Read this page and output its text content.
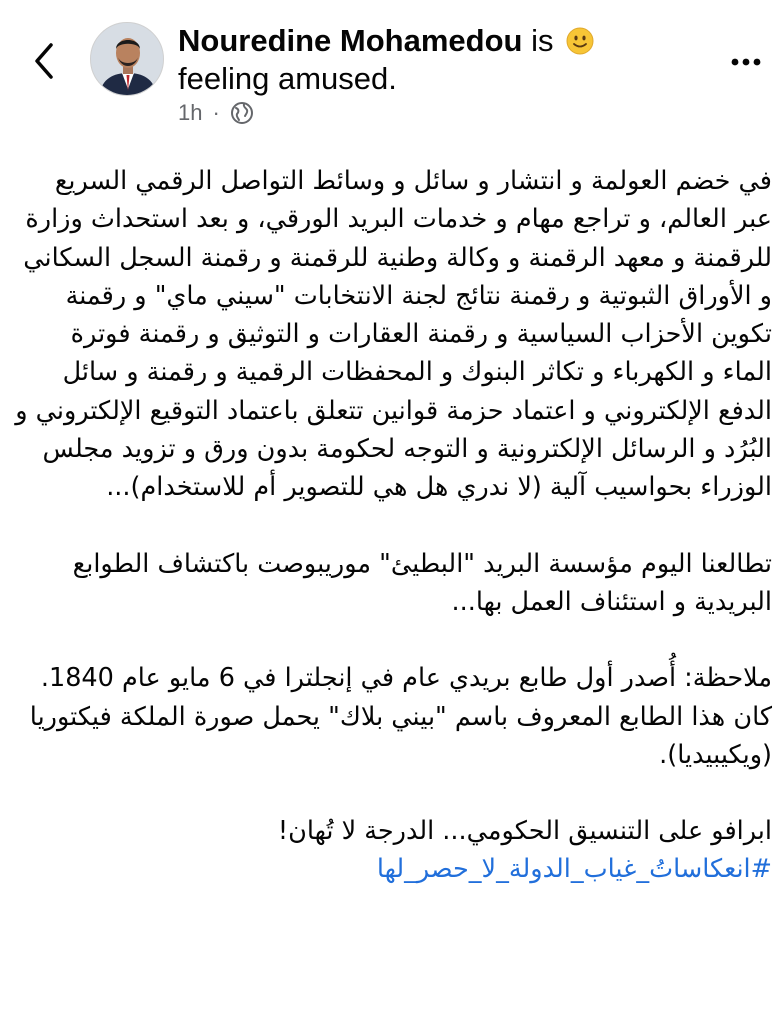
Nouredine Mohamedou is
feeling amused.
1h ·

في خضم العولمة و انتشار و سائل و وسائط التواصل الرقمي السريع عبر العالم، و تراجع مهام و خدمات البريد الورقي، و بعد استحداث وزارة للرقمنة و معهد الرقمنة و وكالة وطنية للرقمنة و رقمنة السجل السكاني و الأوراق الثبوتية و رقمنة نتائج لجنة الانتخابات "سيني ماي" و رقمنة تكوين الأحزاب السياسية و رقمنة العقارات و التوثيق و رقمنة فوترة الماء و الكهرباء و تكاثر البنوك و المحفظات الرقمية و رقمنة و سائل الدفع الإلكتروني و اعتماد حزمة قوانين تتعلق باعتماد التوقيع الإلكتروني و البُرُد و الرسائل الإلكترونية و التوجه لحكومة بدون ورق و تزويد مجلس الوزراء بحواسيب آلية (لا ندري هل هي للتصوير أم للاستخدام)...

تطالعنا اليوم مؤسسة البريد "البطيئ" موريبوصت باكتشاف الطوابع البريدية و استئناف العمل بها...

ملاحظة: أُصدر أول طابع بريدي عام في إنجلترا في 6 مايو عام 1840. كان هذا الطابع المعروف باسم "بيني بلاك" يحمل صورة الملكة فيكتوريا (ويكيبيديا).

ابرافو على التنسيق الحكومي... الدرجة لا تُهان!
#انعكاساتُ_غياب_الدولة_لا_حصر_لها
